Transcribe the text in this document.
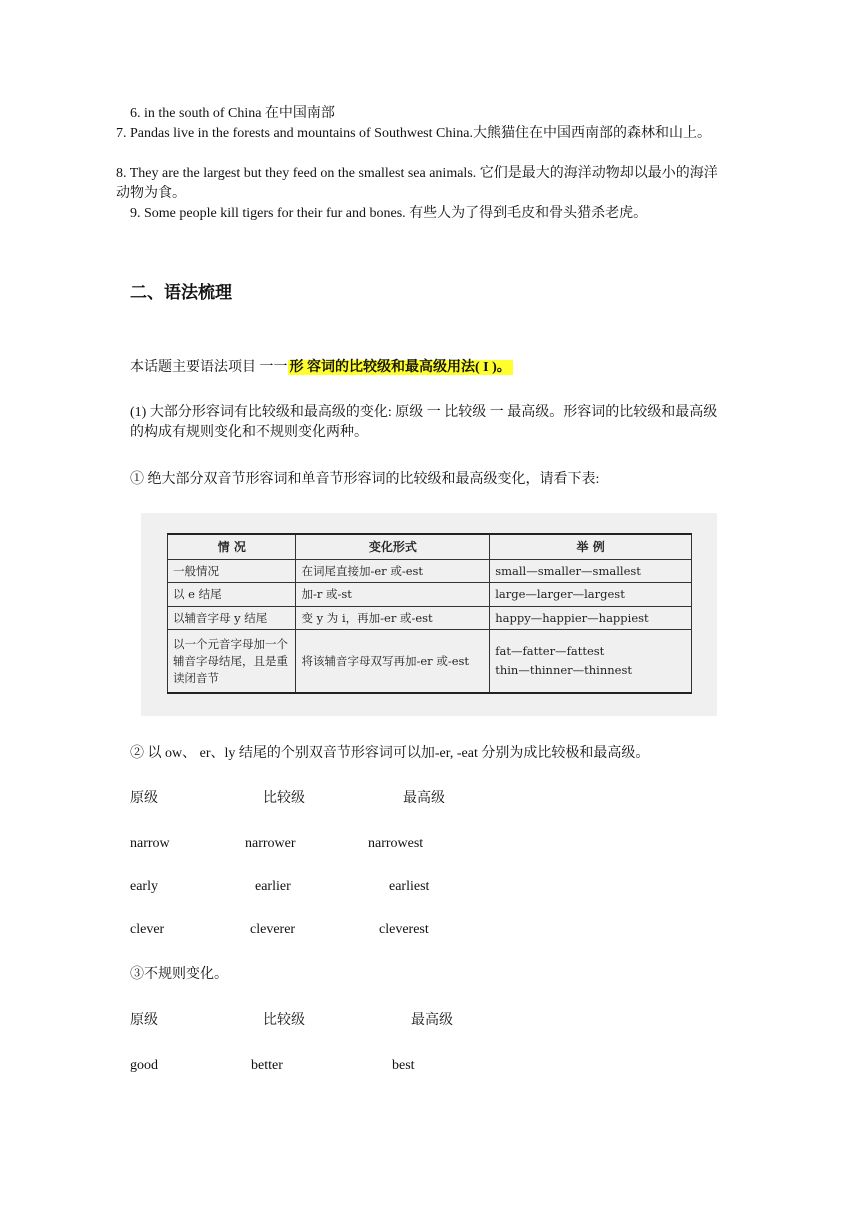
6. in the south of China 在中国南部
7. Pandas live in the forests and mountains of Southwest China.大熊猫住在中国西南部的森林和山上。
8. They are the largest but they feed on the smallest sea animals. 它们是最大的海洋动物却以最小的海洋动物为食。
9. Some people kill tigers for their fur and bones. 有些人为了得到毛皮和骨头猎杀老虎。
二、语法梳理
本话题主要语法项目 一一 形 容词的比较级和最高级用法( I )。
(1) 大部分形容词有比较级和最高级的变化: 原级 一 比较级 一 最高级。形容词的比较级和最高级的构成有规则变化和不规则变化两种。
① 绝大部分双音节形容词和单音节形容词的比较级和最高级变化，请看下表:
情 况	变化形式	举 例
一般情况	在词尾直接加-er 或-est	small—smaller—smallest
以 e 结尾	加-r 或-st	large—larger—largest
以辅音字母 y 结尾	变 y 为 i，再加-er 或-est	happy—happier—happiest
以一个元音字母加一个辅音字母结尾，且是重读闭音节	将该辅音字母双写再加-er 或-est	fat—fatter—fattest
thin—thinner—thinnest
② 以 ow、 er、ly 结尾的个别双音节形容词可以加-er, -eat 分别为成比较极和最高级。
原级	比较级	最高级
narrow	narrower	narrowest
early	earlier	earliest
clever	cleverer	cleverest
③不规则变化。
原级	比较级	最高级
good	better	best
